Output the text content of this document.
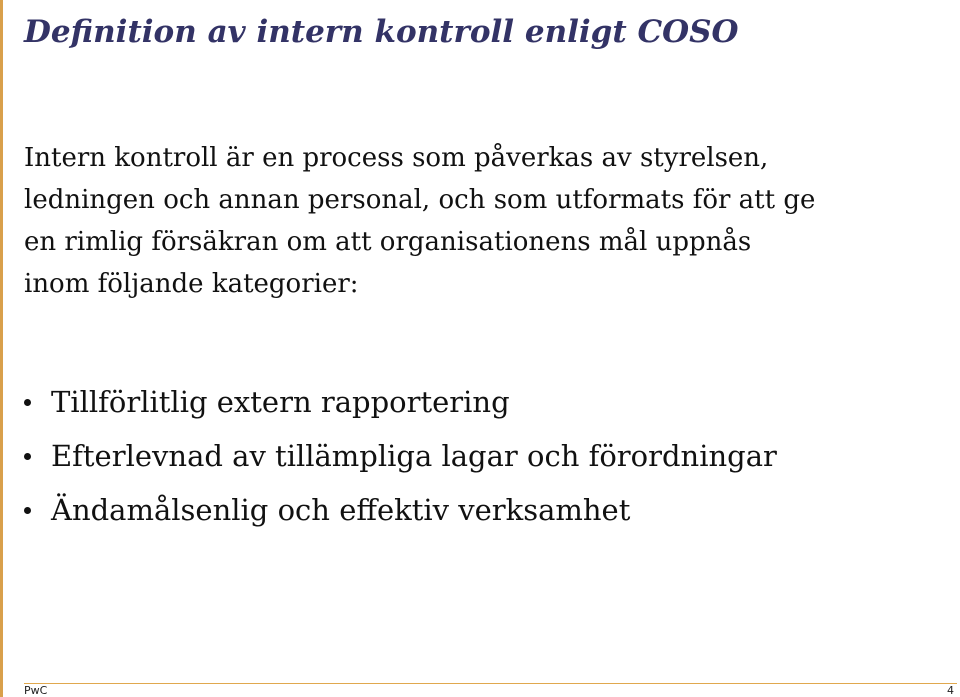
Definition av intern kontroll enligt COSO

Intern kontroll är en process som påverkas av styrelsen,
ledningen och annan personal, och som utformats för att ge
en rimlig försäkran om att organisationens mål uppnås
inom följande kategorier:

Tillförlitlig extern rapportering
Efterlevnad av tillämpliga lagar och förordningar
Ändamålsenlig och effektiv verksamhet
PwC	4
